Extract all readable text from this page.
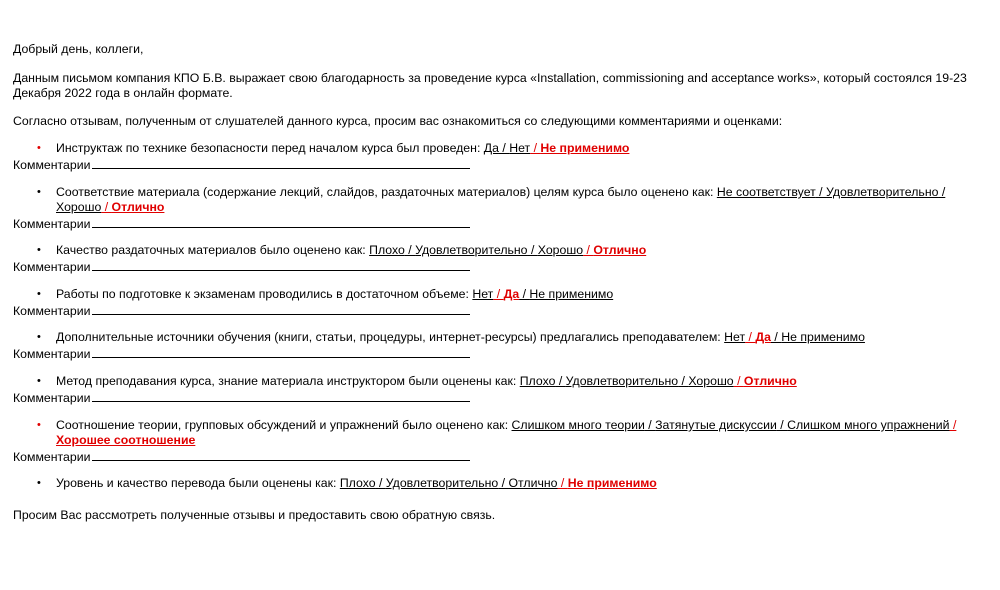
Добрый день, коллеги,

Данным письмом компания КПО Б.В. выражает свою благодарность за проведение курса «Installation, commissioning and acceptance works», который состоялся 19-23 Декабря 2022 года в онлайн формате.

Согласно отзывам, полученным от слушателей данного курса, просим вас ознакомиться со следующими комментариями и оценками:

• Инструктаж по технике безопасности перед началом курса был проведен: Да / Нет / Не применимо
Комментарии
• Соответствие материала (содержание лекций, слайдов, раздаточных материалов) целям курса было оценено как: Не соответствует / Удовлетворительно / Хорошо / Отлично
Комментарии
• Качество раздаточных материалов было оценено как: Плохо / Удовлетворительно / Хорошо / Отлично
Комментарии
• Работы по подготовке к экзаменам проводились в достаточном объеме: Нет / Да / Не применимо
Комментарии
• Дополнительные источники обучения (книги, статьи, процедуры, интернет-ресурсы) предлагались преподавателем: Нет / Да / Не применимо
Комментарии
• Метод преподавания курса, знание материала инструктором были оценены как: Плохо / Удовлетворительно / Хорошо / Отлично
Комментарии
• Соотношение теории, групповых обсуждений и упражнений было оценено как: Слишком много теории / Затянутые дискуссии / Слишком много упражнений / Хорошее соотношение
Комментарии
• Уровень и качество перевода были оценены как: Плохо / Удовлетворительно / Отлично / Не применимо

Просим Вас рассмотреть полученные отзывы и предоставить свою обратную связь.
